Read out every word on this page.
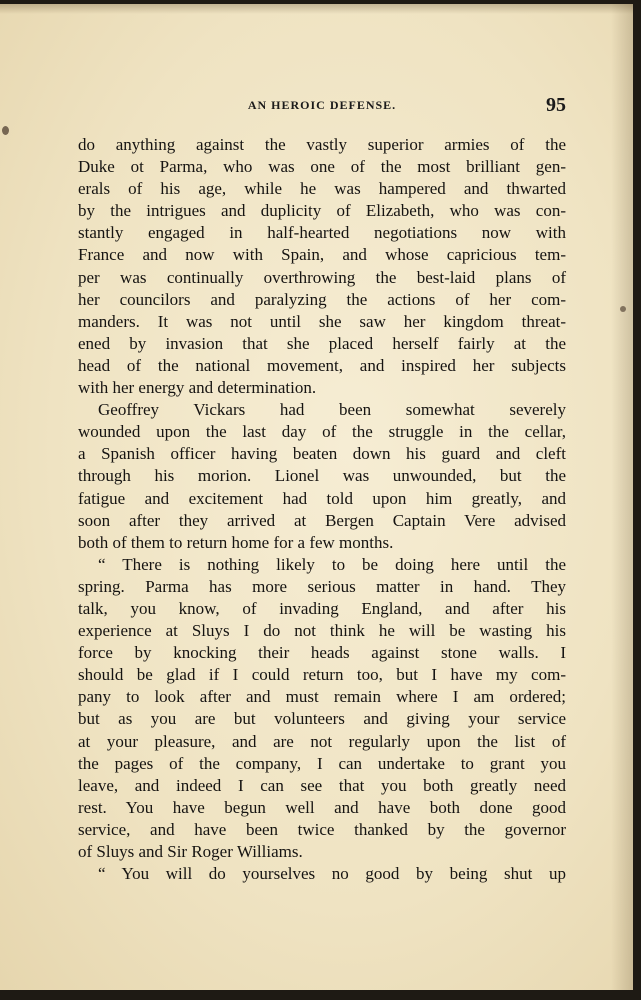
AN HEROIC DEFENSE.	95
do anything against the vastly superior armies of the
Duke ot Parma, who was one of the most brilliant gen-
erals of his age, while he was hampered and thwarted
by the intrigues and duplicity of Elizabeth, who was con-
stantly engaged in half-hearted negotiations now with
France and now with Spain, and whose capricious tem-
per was continually overthrowing the best-laid plans of
her councilors and paralyzing the actions of her com-
manders. It was not until she saw her kingdom threat-
ened by invasion that she placed herself fairly at the
head of the national movement, and inspired her subjects
with her energy and determination.
Geoffrey Vickars had been somewhat severely
wounded upon the last day of the struggle in the cellar,
a Spanish officer having beaten down his guard and cleft
through his morion. Lionel was unwounded, but the
fatigue and excitement had told upon him greatly, and
soon after they arrived at Bergen Captain Vere advised
both of them to return home for a few months.
“ There is nothing likely to be doing here until the
spring. Parma has more serious matter in hand. They
talk, you know, of invading England, and after his
experience at Sluys I do not think he will be wasting his
force by knocking their heads against stone walls. I
should be glad if I could return too, but I have my com-
pany to look after and must remain where I am ordered;
but as you are but volunteers and giving your service
at your pleasure, and are not regularly upon the list of
the pages of the company, I can undertake to grant you
leave, and indeed I can see that you both greatly need
rest. You have begun well and have both done good
service, and have been twice thanked by the governor
of Sluys and Sir Roger Williams.
“ You will do yourselves no good by being shut up
